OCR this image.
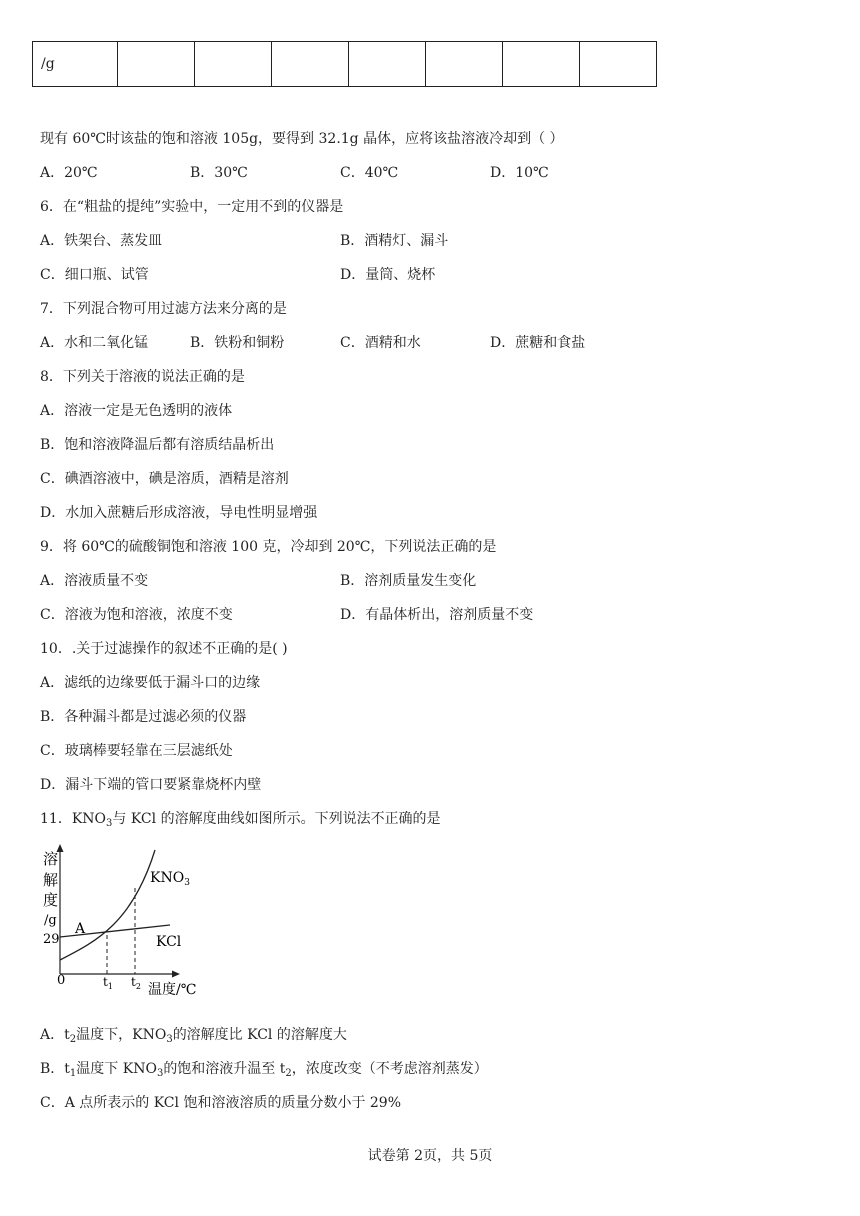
/g							
现有 60℃时该盐的饱和溶液 105g，要得到 32.1g 晶体，应将该盐溶液冷却到（ ）
A．20℃	B．30℃	C．40℃	D．10℃
6．在“粗盐的提纯”实验中，一定用不到的仪器是
A．铁架台、蒸发皿	B．酒精灯、漏斗
C．细口瓶、试管	D．量筒、烧杯
7．下列混合物可用过滤方法来分离的是
A．水和二氧化锰	B．铁粉和铜粉	C．酒精和水	D．蔗糖和食盐
8．下列关于溶液的说法正确的是
A．溶液一定是无色透明的液体
B．饱和溶液降温后都有溶质结晶析出
C．碘酒溶液中，碘是溶质，酒精是溶剂
D．水加入蔗糖后形成溶液，导电性明显增强
9．将 60℃的硫酸铜饱和溶液 100 克，冷却到 20℃，下列说法正确的是
A．溶液质量不变	B．溶剂质量发生变化
C．溶液为饱和溶液，浓度不变	D．有晶体析出，溶剂质量不变
10．.关于过滤操作的叙述不正确的是( )
A．滤纸的边缘要低于漏斗口的边缘
B．各种漏斗都是过滤必须的仪器
C．玻璃棒要轻靠在三层滤纸处
D．漏斗下端的管口要紧靠烧杯内壁
11．$KNO_3$与 KCl 的溶解度曲线如图所示。下列说法不正确的是
溶
解
度
/g
29
0	$t_1$ $t_2$ 温度/℃
A
$KNO_3$
KCl
A．$t_2$温度下，$KNO_3$的溶解度比 KCl 的溶解度大
B．$t_1$温度下 $KNO_3$的饱和溶液升温至 $t_2$，浓度改变（不考虑溶剂蒸发）
C．A 点所表示的 KCl 饱和溶液溶质的质量分数小于 29%
试卷第 2页，共 5页
